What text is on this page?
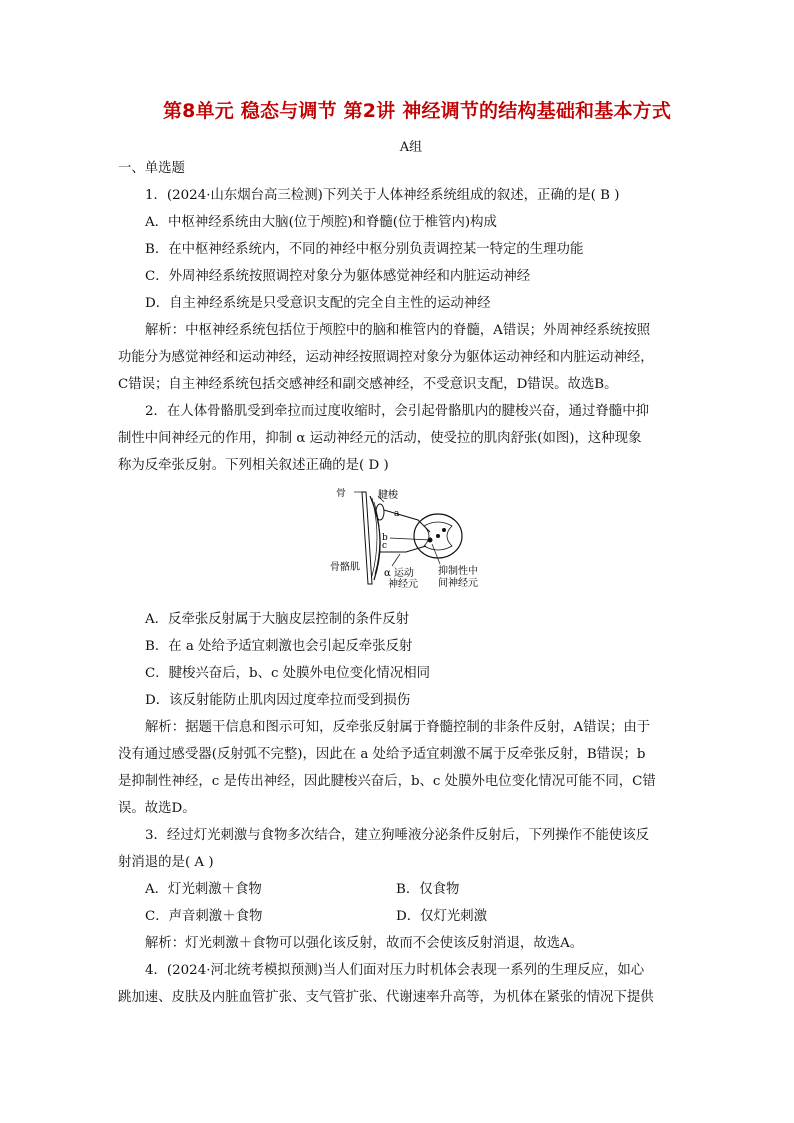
第8单元 稳态与调节 第2讲 神经调节的结构基础和基本方式
A组
一、单选题
1．(2024·山东烟台高三检测)下列关于人体神经系统组成的叙述，正确的是( B )
A．中枢神经系统由大脑(位于颅腔)和脊髓(位于椎管内)构成
B．在中枢神经系统内，不同的神经中枢分别负责调控某一特定的生理功能
C．外周神经系统按照调控对象分为躯体感觉神经和内脏运动神经
D．自主神经系统是只受意识支配的完全自主性的运动神经
解析：中枢神经系统包括位于颅腔中的脑和椎管内的脊髓，A错误；外周神经系统按照
功能分为感觉神经和运动神经，运动神经按照调控对象分为躯体运动神经和内脏运动神经，
C错误；自主神经系统包括交感神经和副交感神经，不受意识支配，D错误。故选B。
2．在人体骨骼肌受到牵拉而过度收缩时，会引起骨骼肌内的腱梭兴奋，通过脊髓中抑
制性中间神经元的作用，抑制 α 运动神经元的活动，使受拉的肌肉舒张(如图)，这种现象
称为反牵张反射。下列相关叙述正确的是( D )
骨	腱梭
骨骼肌
a
b
c
α 运动
神经元
抑制性中
间神经元
A．反牵张反射属于大脑皮层控制的条件反射
B．在 a 处给予适宜刺激也会引起反牵张反射
C．腱梭兴奋后，b、c 处膜外电位变化情况相同
D．该反射能防止肌肉因过度牵拉而受到损伤
解析：据题干信息和图示可知，反牵张反射属于脊髓控制的非条件反射，A错误；由于
没有通过感受器(反射弧不完整)，因此在 a 处给予适宜刺激不属于反牵张反射，B错误；b
是抑制性神经，c 是传出神经，因此腱梭兴奋后，b、c 处膜外电位变化情况可能不同，C错
误。故选D。
3．经过灯光刺激与食物多次结合，建立狗唾液分泌条件反射后，下列操作不能使该反
射消退的是( A )
A．灯光刺激＋食物	B．仅食物
C．声音刺激＋食物	D．仅灯光刺激
解析：灯光刺激＋食物可以强化该反射，故而不会使该反射消退，故选A。
4．(2024·河北统考模拟预测)当人们面对压力时机体会表现一系列的生理反应，如心
跳加速、皮肤及内脏血管扩张、支气管扩张、代谢速率升高等，为机体在紧张的情况下提供
